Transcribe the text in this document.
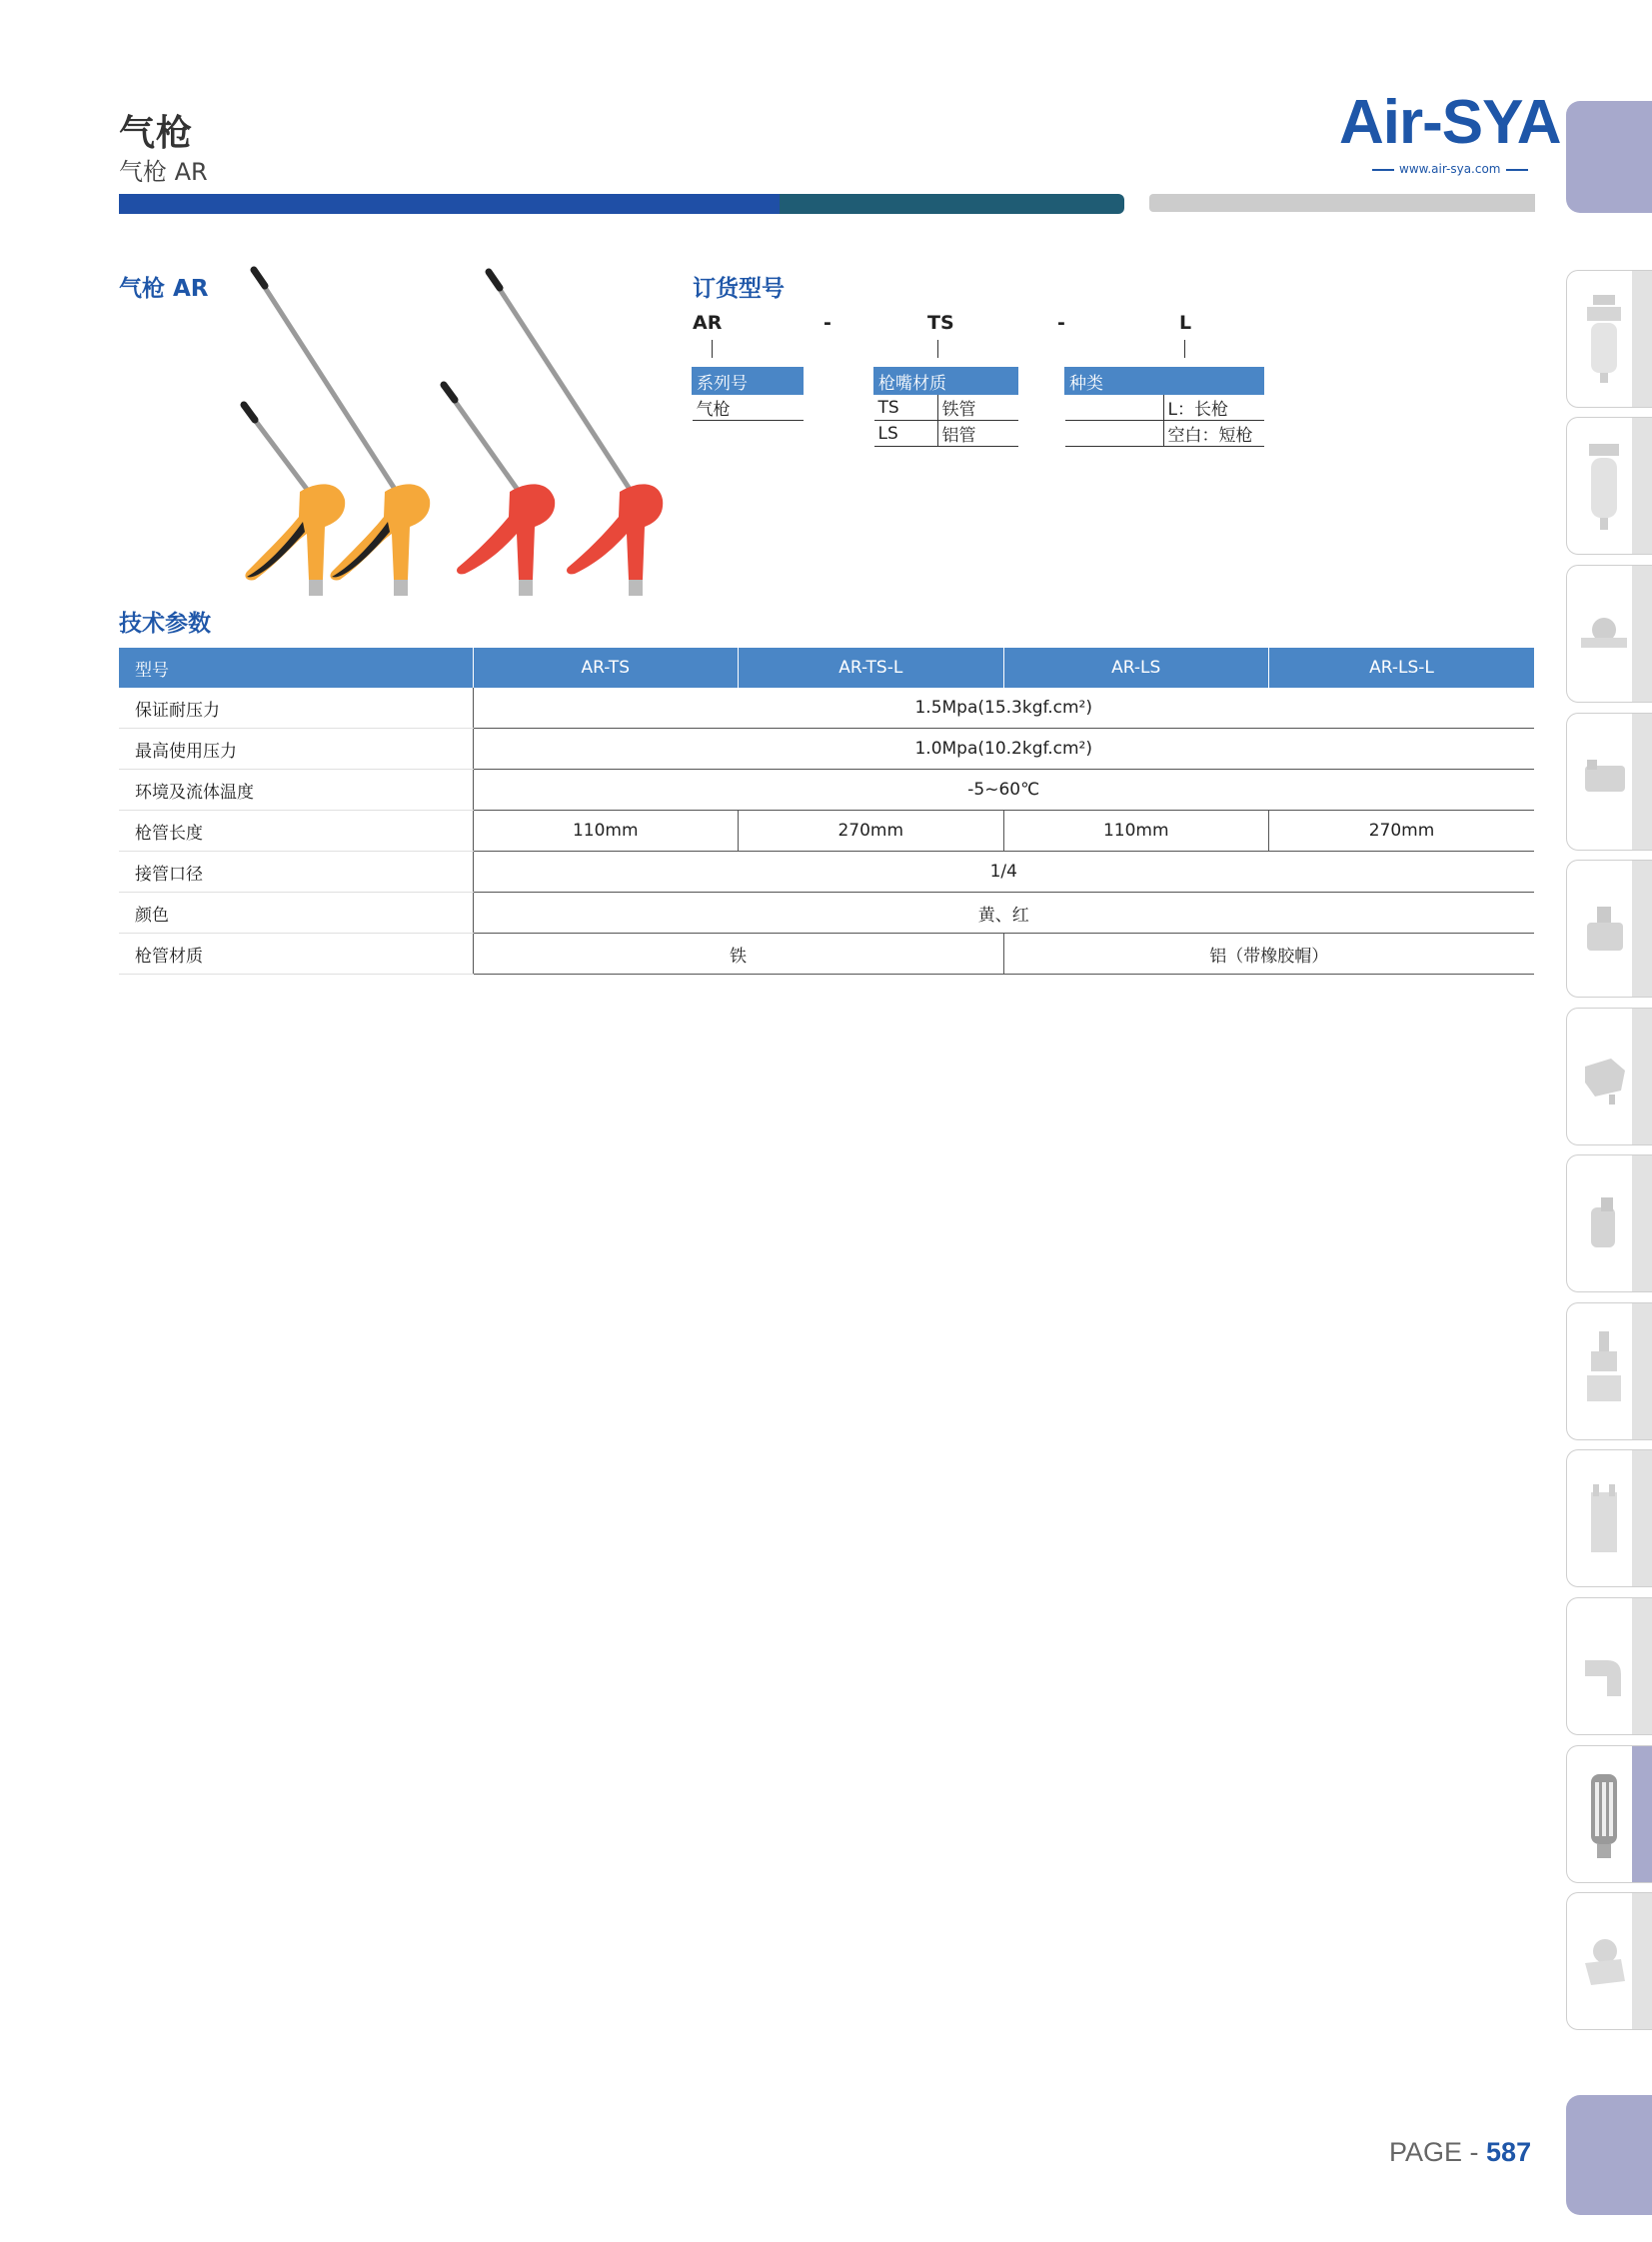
气枪
气枪 AR
Air-SYA
www.air-sya.com
气枪 AR	订货型号
AR	-	TS	-	L
系列号
气枪
枪嘴材质	
TS	铁管
LS	铝管
种类	
	L：长枪
	空白：短枪
技术参数
型号	AR-TS	AR-TS-L	AR-LS	AR-LS-L
保证耐压力	1.5Mpa(15.3kgf.cm²)			
最高使用压力	1.0Mpa(10.2kgf.cm²)			
环境及流体温度	-5~60℃			
枪管长度	110mm	270mm	110mm	270mm
接管口径	1/4			
颜色	黄、红			
枪管材质	铁		铝（带橡胶帽）	
PAGE - 587
